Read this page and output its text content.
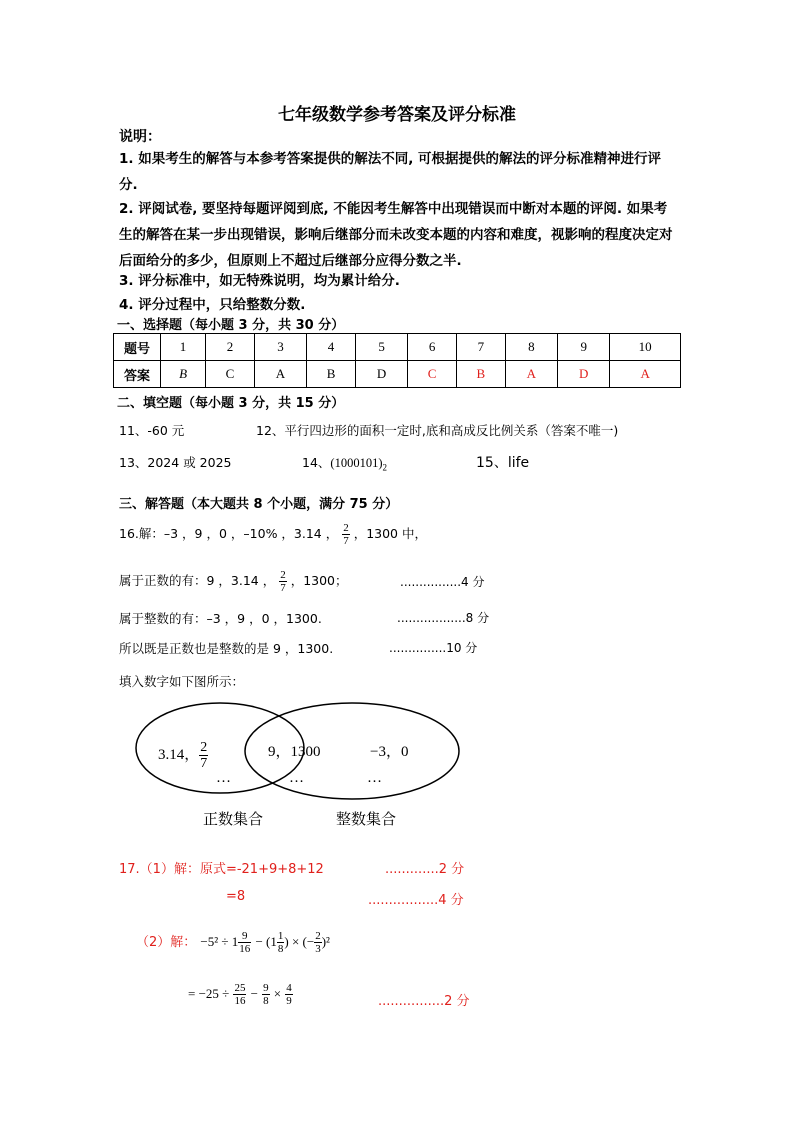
七年级数学参考答案及评分标准
说明：
1. 如果考生的解答与本参考答案提供的解法不同, 可根据提供的解法的评分标准精神进行评分.
2. 评阅试卷, 要坚持每题评阅到底, 不能因考生解答中出现错误而中断对本题的评阅. 如果考生的解答在某一步出现错误，影响后继部分而未改变本题的内容和难度，视影响的程度决定对后面给分的多少，但原则上不超过后继部分应得分数之半.
3. 评分标准中，如无特殊说明，均为累计给分.
4. 评分过程中，只给整数分数.
一、选择题（每小题 3 分，共 30 分）
题号	1	2	3	4	5	6	7	8	9	10
答案	B	C	A	B	D	C	B	A	D	A
二、填空题（每小题 3 分，共 15 分）
11、-60 元	12、平行四边形的面积一定时,底和高成反比例关系（答案不唯一)
13、2024 或 2025	14、$(1000101)_2$	15、life
三、解答题（本大题共 8 个小题，满分 75 分）
16.解：–3 ，9 ，0 ，–10% ，3.14 ， $\frac{2}{7}$ ，1300 中，
属于正数的有：9 ，3.14 ， $\frac{2}{7}$ ，1300；	................4 分
属于整数的有：–3 ，9 ，0 ，1300.	..................8 分
所以既是正数也是整数的是 9 ，1300.	...............10 分
填入数字如下图所示：
3.14， $\frac{2}{7}$	9，1300	−3，0
…	…	…
正数集合	整数集合
17.（1）解：原式=-21+9+8+12	.............2 分
=8	.................4 分
（2）解： $-5^2 \div 1 \frac{9}{16} - (1 \frac{1}{8}$ ) × (− $\frac{2}{3} )^2$
= $-25 \div \frac{25}{16} - \frac{9}{8} \times \frac{4}{9}$	................2 分
